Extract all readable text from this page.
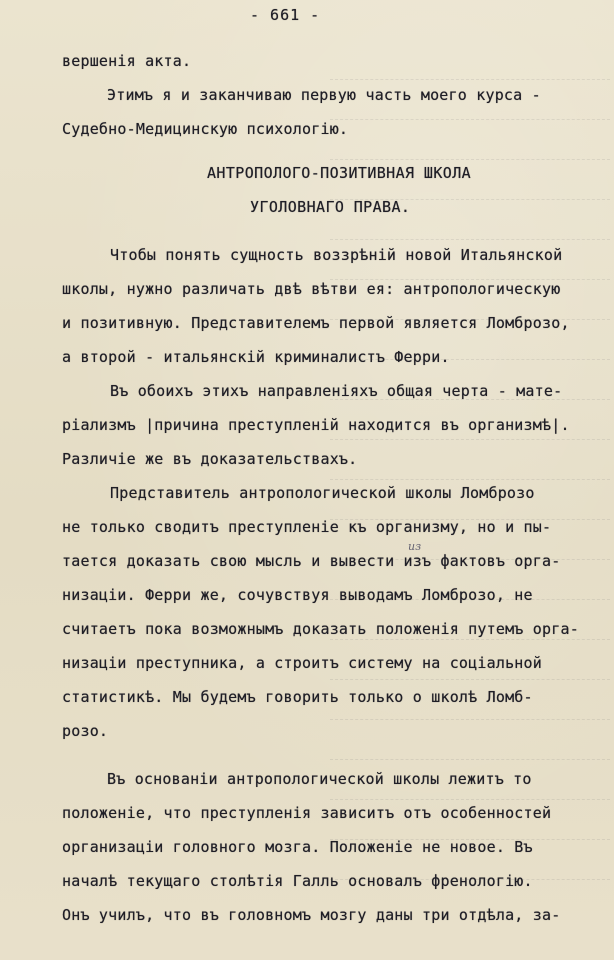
- 661 -
вершенія акта.
Этимъ я и заканчиваю первую часть моего курса -
Судебно-Медицинскую психологію.
АНТРОПОЛОГО-ПОЗИТИВНАЯ ШКОЛА
УГОЛОВНАГО ПРАВА.
Чтобы понять сущность воззрѣній новой Итальянской
школы, нужно различать двѣ вѣтви ея: антропологическую
и позитивную. Представителемъ первой является Ломброзо,
а второй - итальянскій криминалистъ Ферри.
Въ обоихъ этихъ направленіяхъ общая черта - мате-
ріализмъ |причина преступленій находится въ организмѣ|.
Различіе же въ доказательствахъ.
Представитель антропологической школы Ломброзо
не только сводитъ преступленіе къ организму, но и пы-
из
тается доказать свою мысль и вывести изъ фактовъ орга-
низаціи. Ферри же, сочувствуя выводамъ Ломброзо, не
считаетъ пока возможнымъ доказать положенія путемъ орга-
низаціи преступника, а строитъ систему на соціальной
статистикѣ. Мы будемъ говорить только о школѣ Ломб-
розо.
Въ основаніи антропологической школы лежитъ то
положеніе, что преступленія зависитъ отъ особенностей
организаціи головного мозга. Положеніе не новое. Въ
началѣ текущаго столѣтія Галль основалъ френологію.
Онъ училъ, что въ головномъ мозгу даны три отдѣла, за-
